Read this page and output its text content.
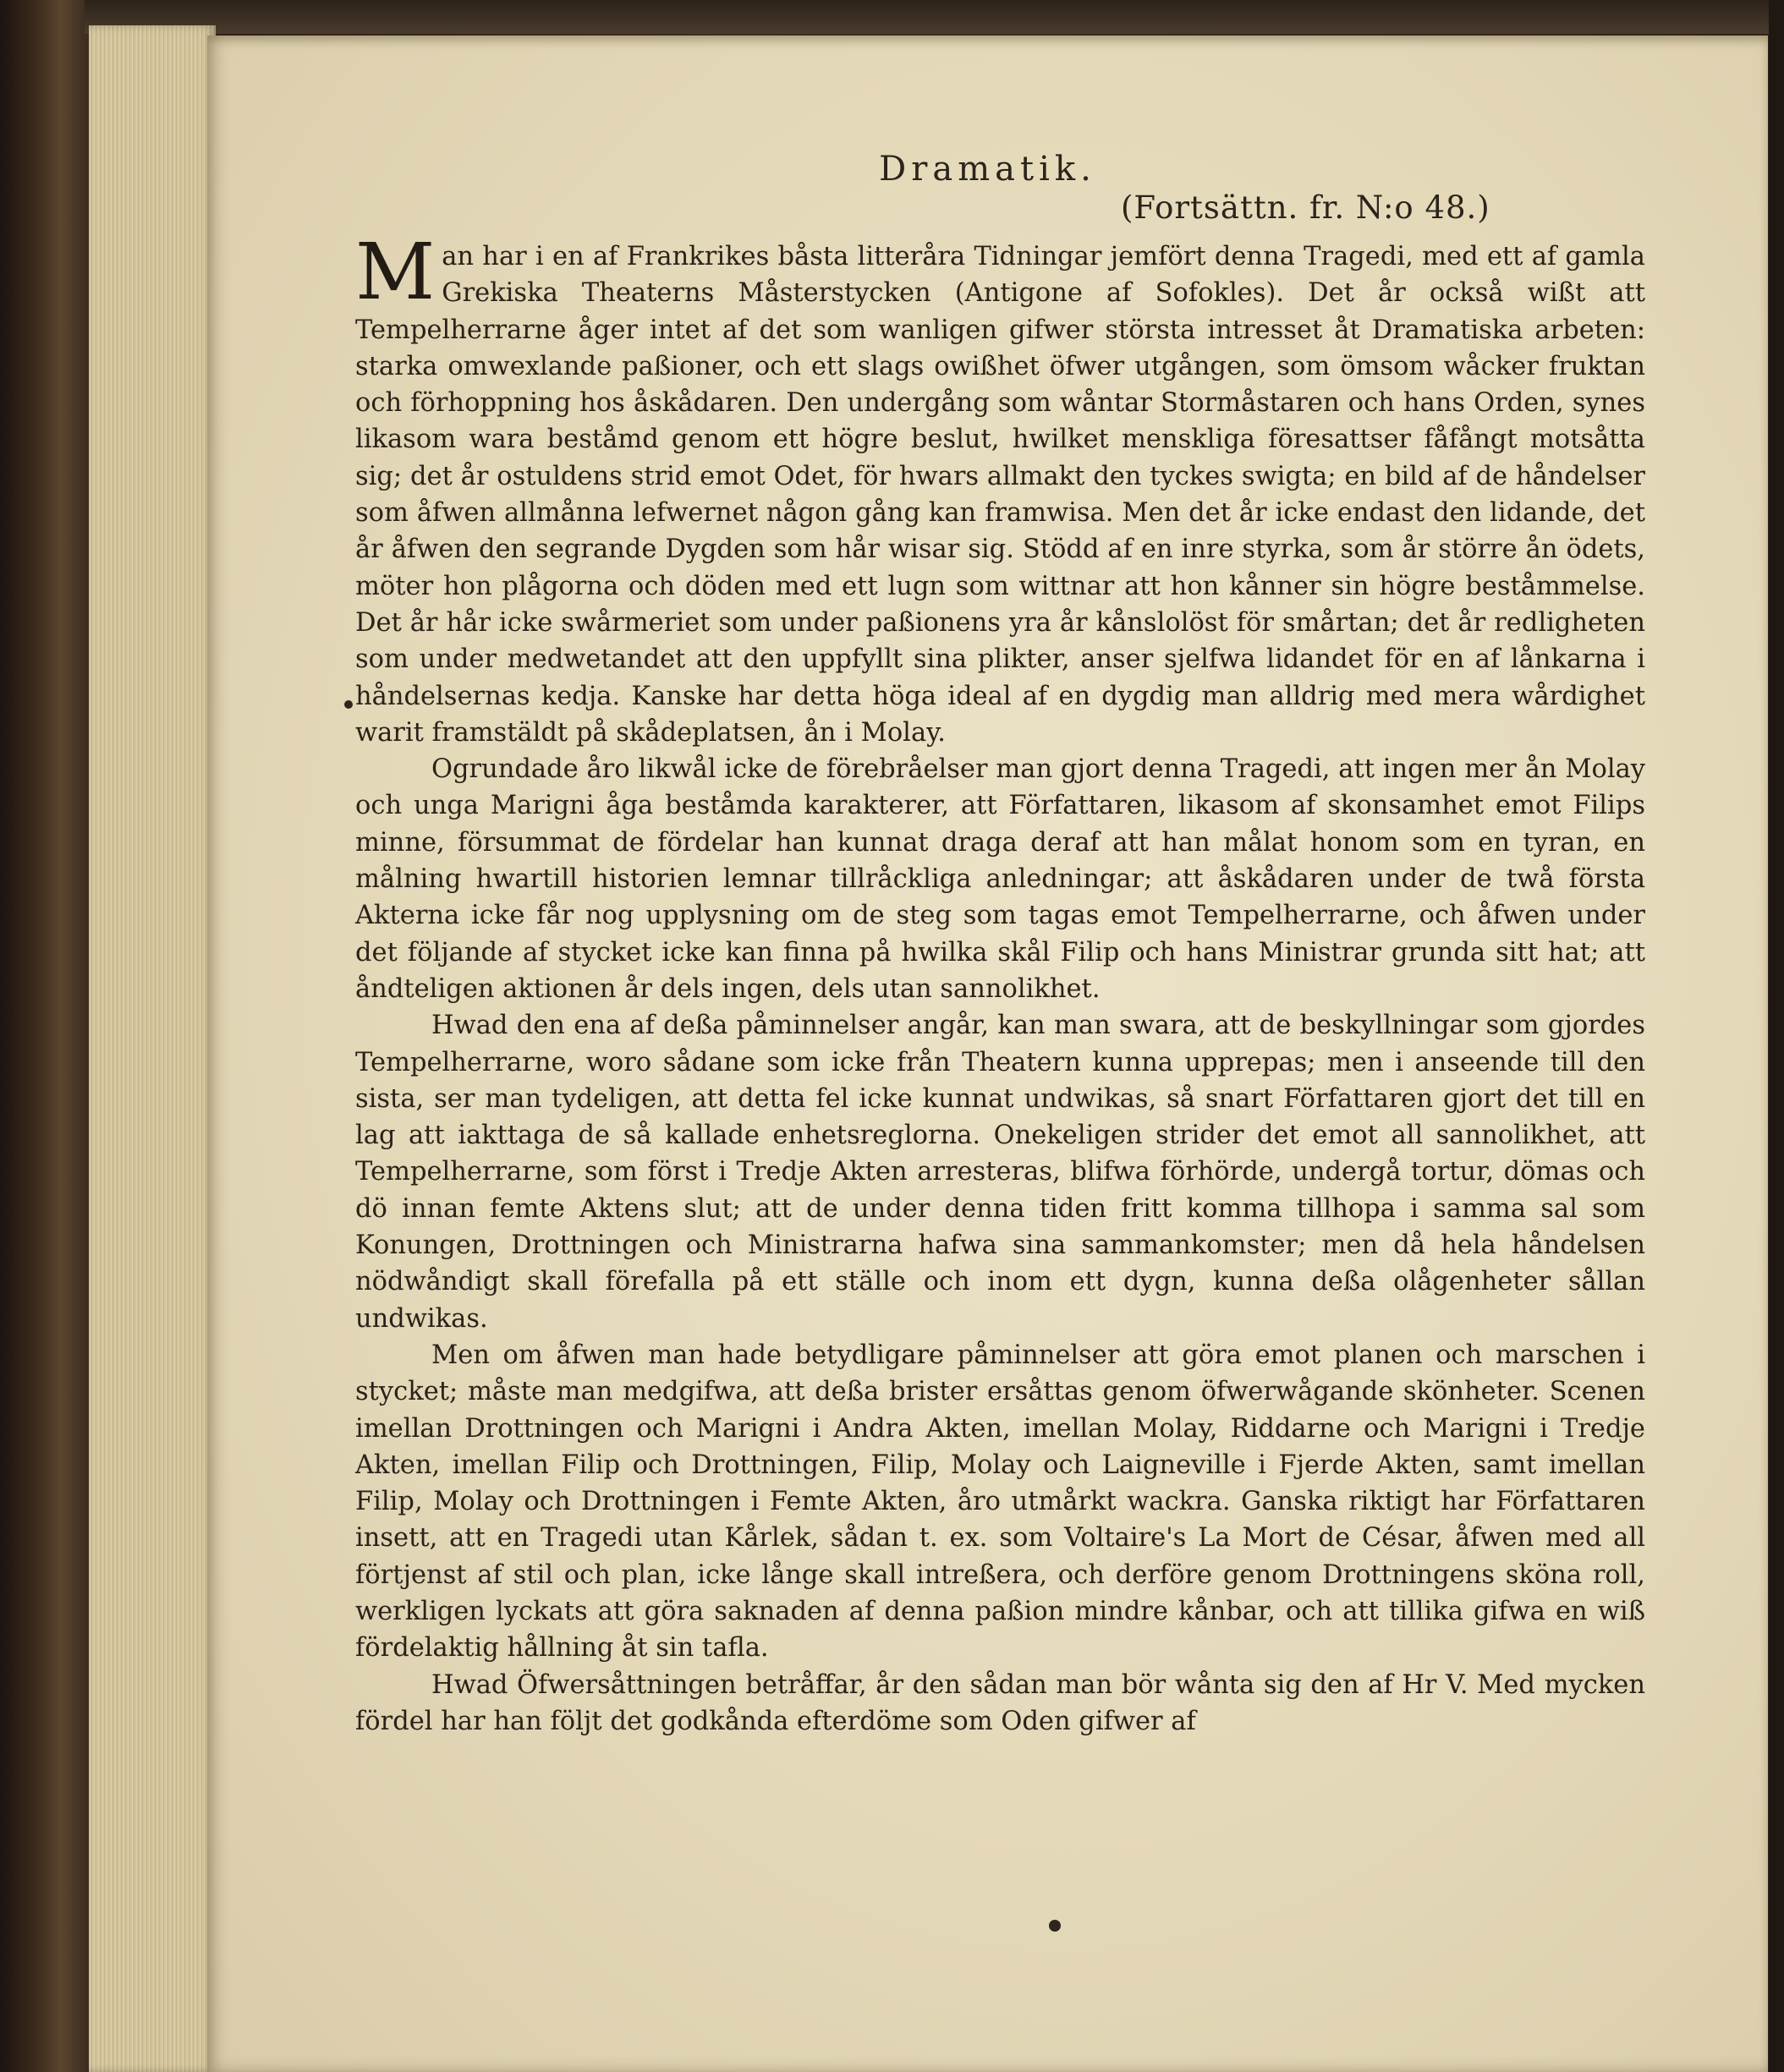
Dramatik.
(Fortsättn. fr. N:o 48.)

Man har i en af Frankrikes båsta litteråra Tidningar jemfört denna Tragedi, med ett af gamla Grekiska Theaterns Måsterstycken (Antigone af Sofokles). Det år också wißt att Tempelherrarne åger intet af det som wanligen gifwer största intresset åt Dramatiska arbeten: starka omwexlande paßioner, och ett slags owißhet öfwer utgången, som ömsom wåcker fruktan och förhoppning hos åskådaren. Den undergång som wåntar Stormåstaren och hans Orden, synes likasom wara beståmd genom ett högre beslut, hwilket menskliga föresattser fåfångt motsåtta sig; det år ostuldens strid emot Odet, för hwars allmakt den tyckes swigta; en bild af de håndelser som åfwen allmånna lefwernet någon gång kan framwisa. Men det år icke endast den lidande, det år åfwen den segrande Dygden som hår wisar sig. Stödd af en inre styrka, som år större ån ödets, möter hon plågorna och döden med ett lugn som wittnar att hon kånner sin högre beståmmelse. Det år hår icke swårmeriet som under paßionens yra år kånslolöst för smårtan; det år redligheten som under medwetandet att den uppfyllt sina plikter, anser sjelfwa lidandet för en af lånkarna i håndelsernas kedja. Kanske har detta höga ideal af en dygdig man alldrig med mera wårdighet warit framstäldt på skådeplatsen, ån i Molay.

Ogrundade åro likwål icke de förebråelser man gjort denna Tragedi, att ingen mer ån Molay och unga Marigni åga beståmda karakterer, att Författaren, likasom af skonsamhet emot Filips minne, försummat de fördelar han kunnat draga deraf att han målat honom som en tyran, en målning hwartill historien lemnar tillråckliga anledningar; att åskådaren under de twå första Akterna icke får nog upplysning om de steg som tagas emot Tempelherrarne, och åfwen under det följande af stycket icke kan finna på hwilka skål Filip och hans Ministrar grunda sitt hat; att åndteligen aktionen år dels ingen, dels utan sannolikhet.

Hwad den ena af deßa påminnelser angår, kan man swara, att de beskyllningar som gjordes Tempelherrarne, woro sådane som icke från Theatern kunna upprepas; men i anseende till den sista, ser man tydeligen, att detta fel icke kunnat undwikas, så snart Författaren gjort det till en lag att iakttaga de så kallade enhetsreglorna. Onekeligen strider det emot all sannolikhet, att Tempelherrarne, som först i Tredje Akten arresteras, blifwa förhörde, undergå tortur, dömas och dö innan femte Aktens slut; att de under denna tiden fritt komma tillhopa i samma sal som Konungen, Drottningen och Ministrarna hafwa sina sammankomster; men då hela håndelsen nödwåndigt skall förefalla på ett ställe och inom ett dygn, kunna deßa olågenheter sållan undwikas.

Men om åfwen man hade betydligare påminnelser att göra emot planen och marschen i stycket; måste man medgifwa, att deßa brister ersåttas genom öfwerwågande skönheter. Scenen imellan Drottningen och Marigni i Andra Akten, imellan Molay, Riddarne och Marigni i Tredje Akten, imellan Filip och Drottningen, Filip, Molay och Laigneville i Fjerde Akten, samt imellan Filip, Molay och Drottningen i Femte Akten, åro utmårkt wackra. Ganska riktigt har Författaren insett, att en Tragedi utan Kårlek, sådan t. ex. som Voltaire's La Mort de César, åfwen med all förtjenst af stil och plan, icke långe skall intreßera, och derföre genom Drottningens sköna roll, werkligen lyckats att göra saknaden af denna paßion mindre kånbar, och att tillika gifwa en wiß fördelaktig hållning åt sin tafla.

Hwad Öfwersåttningen betråffar, år den sådan man bör wånta sig den af Hr V. Med mycken fördel har han följt det godkånda efterdöme som Oden gifwer af
